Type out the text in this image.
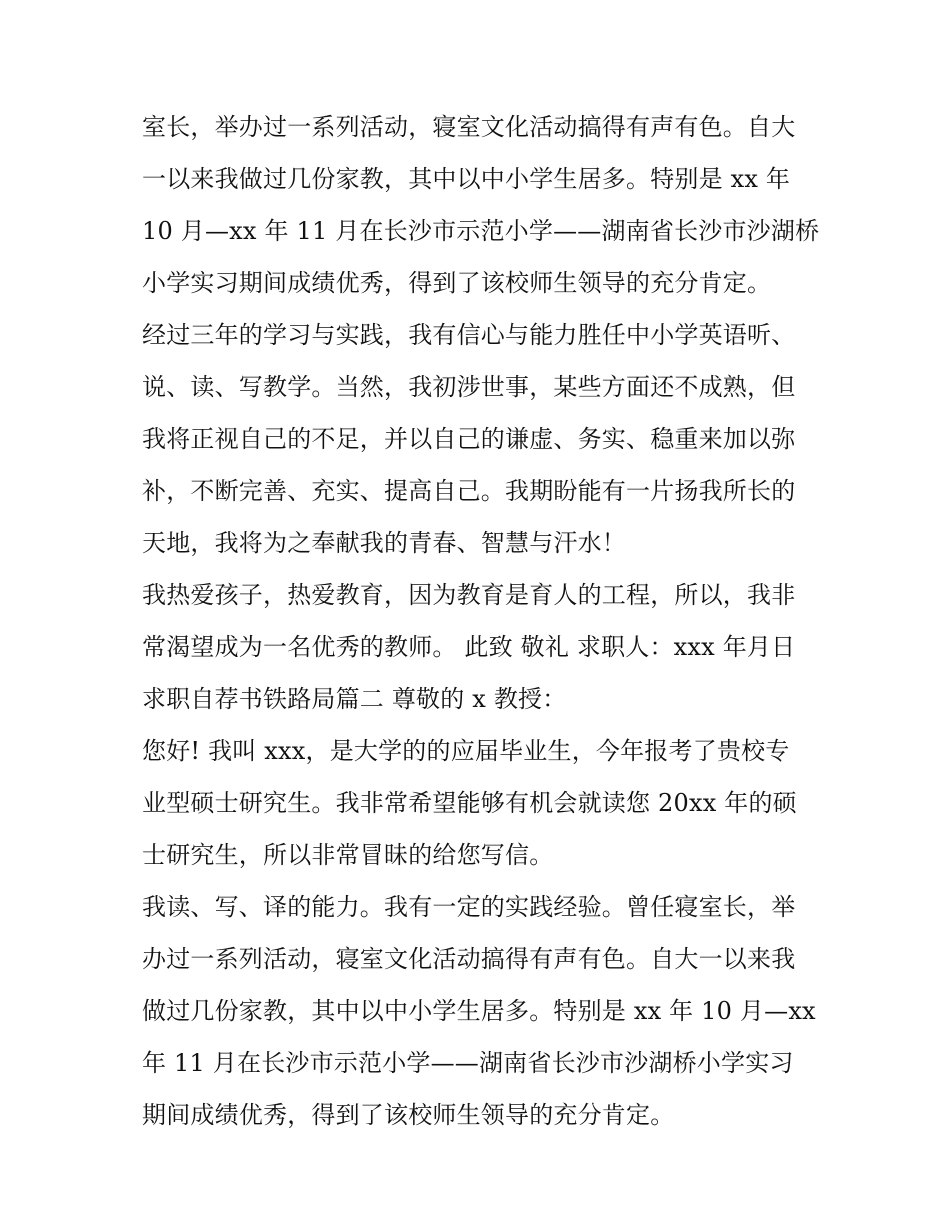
室长，举办过一系列活动，寝室文化活动搞得有声有色。自大
一以来我做过几份家教，其中以中小学生居多。特别是 xx 年
10 月—xx 年 11 月在长沙市示范小学——湖南省长沙市沙湖桥
小学实习期间成绩优秀，得到了该校师生领导的充分肯定。
经过三年的学习与实践，我有信心与能力胜任中小学英语听、
说、读、写教学。当然，我初涉世事，某些方面还不成熟，但
我将正视自己的不足，并以自己的谦虚、务实、稳重来加以弥
补，不断完善、充实、提高自己。我期盼能有一片扬我所长的
天地，我将为之奉献我的青春、智慧与汗水！
我热爱孩子，热爱教育，因为教育是育人的工程，所以，我非
常渴望成为一名优秀的教师。 此致 敬礼 求职人：xxx 年月日
求职自荐书铁路局篇二 尊敬的 x 教授：
您好! 我叫 xxx，是大学的的应届毕业生，今年报考了贵校专
业型硕士研究生。我非常希望能够有机会就读您 20xx 年的硕
士研究生，所以非常冒昧的给您写信。
我读、写、译的能力。我有一定的实践经验。曾任寝室长，举
办过一系列活动，寝室文化活动搞得有声有色。自大一以来我
做过几份家教，其中以中小学生居多。特别是 xx 年 10 月—xx
年 11 月在长沙市示范小学——湖南省长沙市沙湖桥小学实习
期间成绩优秀，得到了该校师生领导的充分肯定。
